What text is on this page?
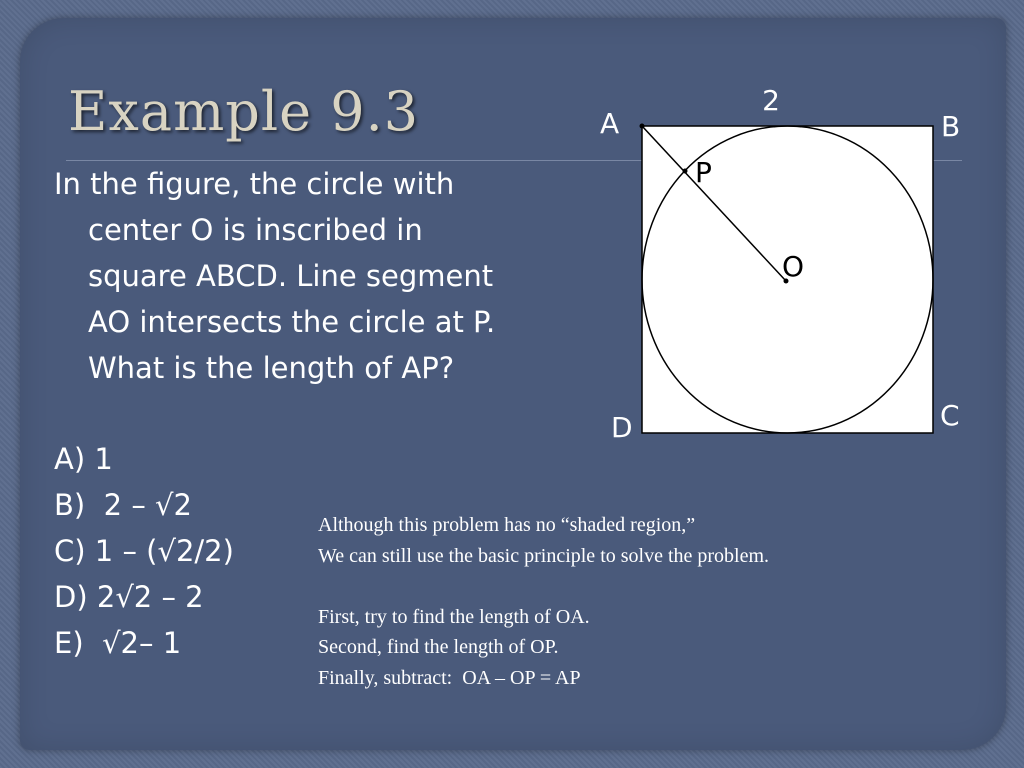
Example 9.3
In the figure, the circle with
center O is inscribed in
square ABCD. Line segment
AO intersects the circle at P.
What is the length of AP?
A) 1
B)  2 – √2
C) 1 – (√2/2)
D) 2√2 – 2
E)  √2– 1
Although this problem has no “shaded region,”
We can still use the basic principle to solve the problem.
First, try to find the length of OA.
Second, find the length of OP.
Finally, subtract:  OA – OP = AP
2
A	B
C
D
P
O
